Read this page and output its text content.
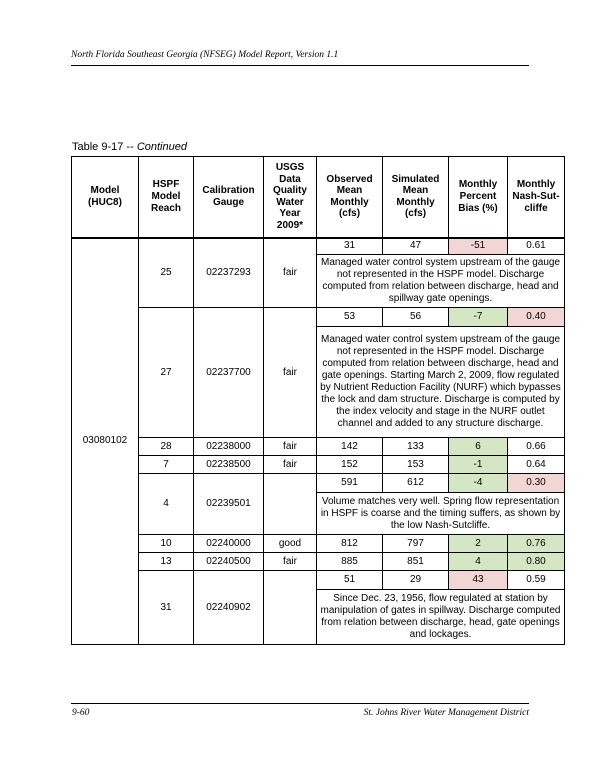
North Florida Southeast Georgia (NFSEG) Model Report, Version 1.1
Table 9-17 -- Continued
Model (HUC8)	HSPF Model Reach	Calibration Gauge	USGS Data Quality Water Year 2009*	Observed Mean Monthly (cfs)	Simulated Mean Monthly (cfs)	Monthly Percent Bias (%)	Monthly Nash-Sut-cliffe
03080102	25	02237293	fair	31	47	-51	0.61
				Managed water control system upstream of the gauge not represented in the HSPF model. Discharge computed from relation between discharge, head and spillway gate openings.			
	27	02237700	fair	53	56	-7	0.40
				Managed water control system upstream of the gauge not represented in the HSPF model. Discharge computed from relation between discharge, head and gate openings. Starting March 2, 2009, flow regulated by Nutrient Reduction Facility (NURF) which bypasses the lock and dam structure. Discharge is computed by the index velocity and stage in the NURF outlet channel and added to any structure discharge.			
	28	02238000	fair	142	133	6	0.66
	7	02238500	fair	152	153	-1	0.64
	4	02239501		591	612	-4	0.30
				Volume matches very well. Spring flow representation in HSPF is coarse and the timing suffers, as shown by the low Nash-Sutcliffe.			
	10	02240000	good	812	797	2	0.76
	13	02240500	fair	885	851	4	0.80
	31	02240902		51	29	43	0.59
				Since Dec. 23, 1956, flow regulated at station by manipulation of gates in spillway. Discharge computed from relation between discharge, head, gate openings and lockages.			
9-60	St. Johns River Water Management District
